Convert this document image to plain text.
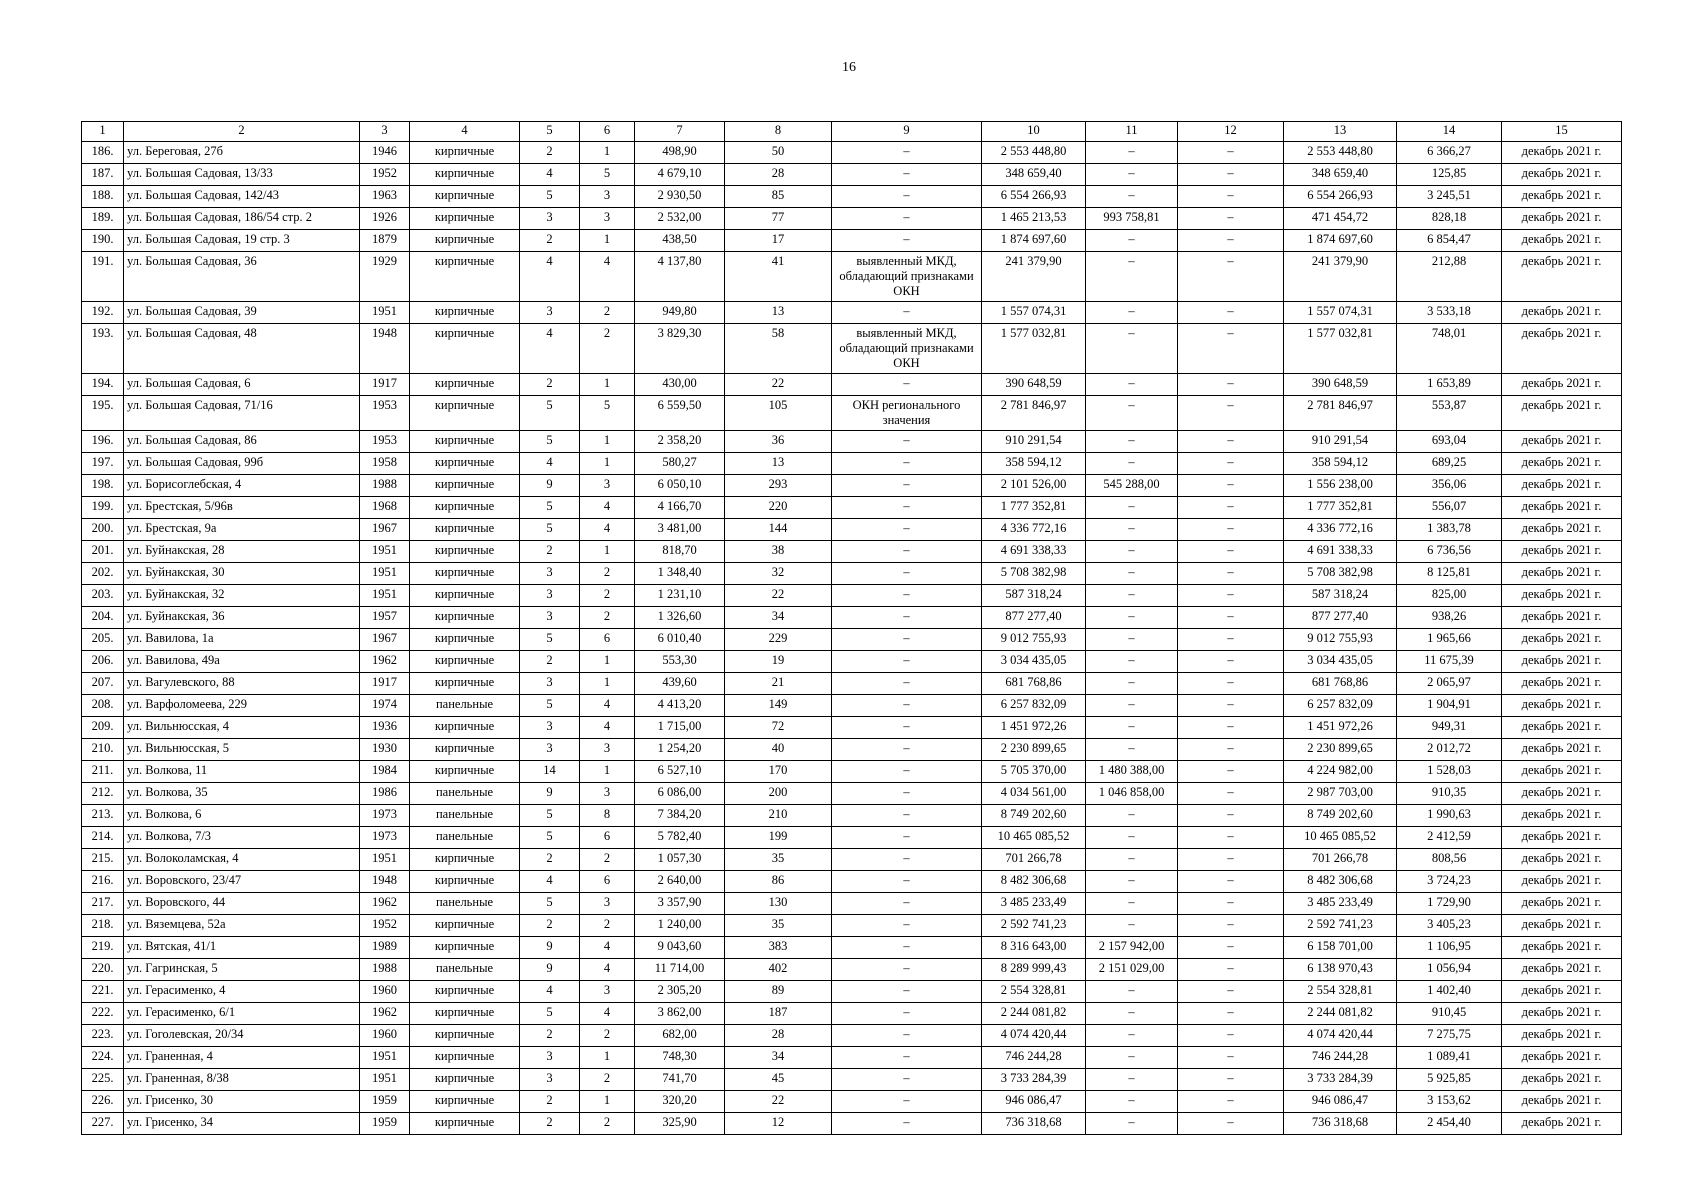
16
1	2	3	4	5	6	7	8	9	10	11	12	13	14	15
186.	ул. Береговая, 27б	1946	кирпичные	2	1	498,90	50	–	2 553 448,80	–	–	2 553 448,80	6 366,27	декабрь 2021 г.
187.	ул. Большая Садовая, 13/33	1952	кирпичные	4	5	4 679,10	28	–	348 659,40	–	–	348 659,40	125,85	декабрь 2021 г.
188.	ул. Большая Садовая, 142/43	1963	кирпичные	5	3	2 930,50	85	–	6 554 266,93	–	–	6 554 266,93	3 245,51	декабрь 2021 г.
189.	ул. Большая Садовая, 186/54 стр. 2	1926	кирпичные	3	3	2 532,00	77	–	1 465 213,53	993 758,81	–	471 454,72	828,18	декабрь 2021 г.
190.	ул. Большая Садовая, 19 стр. 3	1879	кирпичные	2	1	438,50	17	–	1 874 697,60	–	–	1 874 697,60	6 854,47	декабрь 2021 г.
191.	ул. Большая Садовая, 36	1929	кирпичные	4	4	4 137,80	41	выявленный МКД, обладающий признаками ОКН	241 379,90	–	–	241 379,90	212,88	декабрь 2021 г.
192.	ул. Большая Садовая, 39	1951	кирпичные	3	2	949,80	13	–	1 557 074,31	–	–	1 557 074,31	3 533,18	декабрь 2021 г.
193.	ул. Большая Садовая, 48	1948	кирпичные	4	2	3 829,30	58	выявленный МКД, обладающий признаками ОКН	1 577 032,81	–	–	1 577 032,81	748,01	декабрь 2021 г.
194.	ул. Большая Садовая, 6	1917	кирпичные	2	1	430,00	22	–	390 648,59	–	–	390 648,59	1 653,89	декабрь 2021 г.
195.	ул. Большая Садовая, 71/16	1953	кирпичные	5	5	6 559,50	105	ОКН регионального значения	2 781 846,97	–	–	2 781 846,97	553,87	декабрь 2021 г.
196.	ул. Большая Садовая, 86	1953	кирпичные	5	1	2 358,20	36	–	910 291,54	–	–	910 291,54	693,04	декабрь 2021 г.
197.	ул. Большая Садовая, 99б	1958	кирпичные	4	1	580,27	13	–	358 594,12	–	–	358 594,12	689,25	декабрь 2021 г.
198.	ул. Борисоглебская, 4	1988	кирпичные	9	3	6 050,10	293	–	2 101 526,00	545 288,00	–	1 556 238,00	356,06	декабрь 2021 г.
199.	ул. Брестская, 5/96в	1968	кирпичные	5	4	4 166,70	220	–	1 777 352,81	–	–	1 777 352,81	556,07	декабрь 2021 г.
200.	ул. Брестская, 9а	1967	кирпичные	5	4	3 481,00	144	–	4 336 772,16	–	–	4 336 772,16	1 383,78	декабрь 2021 г.
201.	ул. Буйнакская, 28	1951	кирпичные	2	1	818,70	38	–	4 691 338,33	–	–	4 691 338,33	6 736,56	декабрь 2021 г.
202.	ул. Буйнакская, 30	1951	кирпичные	3	2	1 348,40	32	–	5 708 382,98	–	–	5 708 382,98	8 125,81	декабрь 2021 г.
203.	ул. Буйнакская, 32	1951	кирпичные	3	2	1 231,10	22	–	587 318,24	–	–	587 318,24	825,00	декабрь 2021 г.
204.	ул. Буйнакская, 36	1957	кирпичные	3	2	1 326,60	34	–	877 277,40	–	–	877 277,40	938,26	декабрь 2021 г.
205.	ул. Вавилова, 1а	1967	кирпичные	5	6	6 010,40	229	–	9 012 755,93	–	–	9 012 755,93	1 965,66	декабрь 2021 г.
206.	ул. Вавилова, 49а	1962	кирпичные	2	1	553,30	19	–	3 034 435,05	–	–	3 034 435,05	11 675,39	декабрь 2021 г.
207.	ул. Вагулевского, 88	1917	кирпичные	3	1	439,60	21	–	681 768,86	–	–	681 768,86	2 065,97	декабрь 2021 г.
208.	ул. Варфоломеева, 229	1974	панельные	5	4	4 413,20	149	–	6 257 832,09	–	–	6 257 832,09	1 904,91	декабрь 2021 г.
209.	ул. Вильнюсская, 4	1936	кирпичные	3	4	1 715,00	72	–	1 451 972,26	–	–	1 451 972,26	949,31	декабрь 2021 г.
210.	ул. Вильнюсская, 5	1930	кирпичные	3	3	1 254,20	40	–	2 230 899,65	–	–	2 230 899,65	2 012,72	декабрь 2021 г.
211.	ул. Волкова, 11	1984	кирпичные	14	1	6 527,10	170	–	5 705 370,00	1 480 388,00	–	4 224 982,00	1 528,03	декабрь 2021 г.
212.	ул. Волкова, 35	1986	панельные	9	3	6 086,00	200	–	4 034 561,00	1 046 858,00	–	2 987 703,00	910,35	декабрь 2021 г.
213.	ул. Волкова, 6	1973	панельные	5	8	7 384,20	210	–	8 749 202,60	–	–	8 749 202,60	1 990,63	декабрь 2021 г.
214.	ул. Волкова, 7/3	1973	панельные	5	6	5 782,40	199	–	10 465 085,52	–	–	10 465 085,52	2 412,59	декабрь 2021 г.
215.	ул. Волоколамская, 4	1951	кирпичные	2	2	1 057,30	35	–	701 266,78	–	–	701 266,78	808,56	декабрь 2021 г.
216.	ул. Воровского, 23/47	1948	кирпичные	4	6	2 640,00	86	–	8 482 306,68	–	–	8 482 306,68	3 724,23	декабрь 2021 г.
217.	ул. Воровского, 44	1962	панельные	5	3	3 357,90	130	–	3 485 233,49	–	–	3 485 233,49	1 729,90	декабрь 2021 г.
218.	ул. Вяземцева, 52а	1952	кирпичные	2	2	1 240,00	35	–	2 592 741,23	–	–	2 592 741,23	3 405,23	декабрь 2021 г.
219.	ул. Вятская, 41/1	1989	кирпичные	9	4	9 043,60	383	–	8 316 643,00	2 157 942,00	–	6 158 701,00	1 106,95	декабрь 2021 г.
220.	ул. Гагринская, 5	1988	панельные	9	4	11 714,00	402	–	8 289 999,43	2 151 029,00	–	6 138 970,43	1 056,94	декабрь 2021 г.
221.	ул. Герасименко, 4	1960	кирпичные	4	3	2 305,20	89	–	2 554 328,81	–	–	2 554 328,81	1 402,40	декабрь 2021 г.
222.	ул. Герасименко, 6/1	1962	кирпичные	5	4	3 862,00	187	–	2 244 081,82	–	–	2 244 081,82	910,45	декабрь 2021 г.
223.	ул. Гоголевская, 20/34	1960	кирпичные	2	2	682,00	28	–	4 074 420,44	–	–	4 074 420,44	7 275,75	декабрь 2021 г.
224.	ул. Граненная, 4	1951	кирпичные	3	1	748,30	34	–	746 244,28	–	–	746 244,28	1 089,41	декабрь 2021 г.
225.	ул. Граненная, 8/38	1951	кирпичные	3	2	741,70	45	–	3 733 284,39	–	–	3 733 284,39	5 925,85	декабрь 2021 г.
226.	ул. Грисенко, 30	1959	кирпичные	2	1	320,20	22	–	946 086,47	–	–	946 086,47	3 153,62	декабрь 2021 г.
227.	ул. Грисенко, 34	1959	кирпичные	2	2	325,90	12	–	736 318,68	–	–	736 318,68	2 454,40	декабрь 2021 г.
